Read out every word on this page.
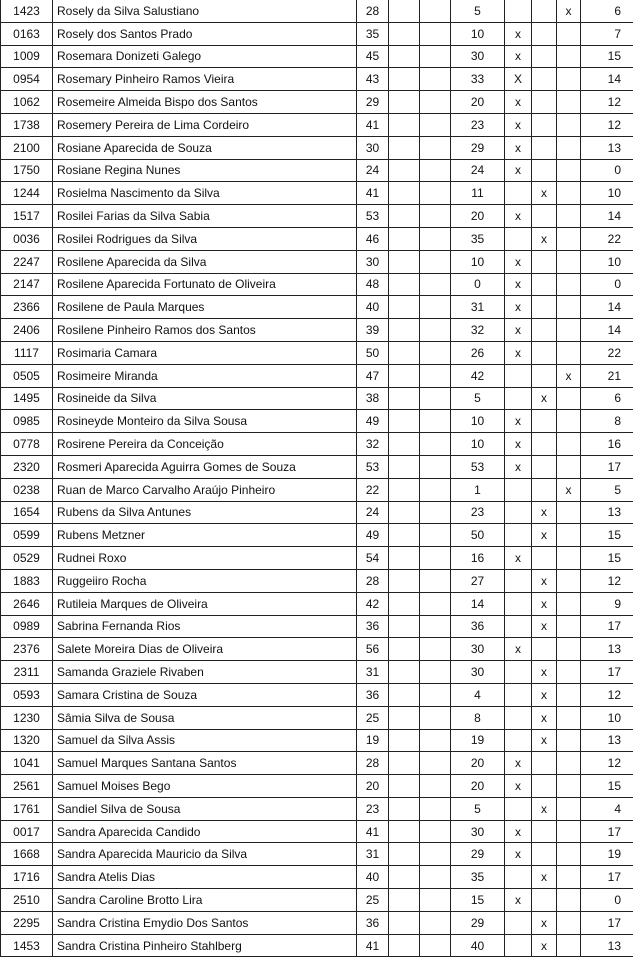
1423	Rosely da Silva Salustiano	28			5			x	6
0163	Rosely dos Santos Prado	35			10	x			7
1009	Rosemara Donizeti Galego	45			30	x			15
0954	Rosemary Pinheiro Ramos Vieira	43			33	X			14
1062	Rosemeire Almeida Bispo dos Santos	29			20	x			12
1738	Rosemery Pereira de Lima Cordeiro	41			23	x			12
2100	Rosiane Aparecida de Souza	30			29	x			13
1750	Rosiane Regina Nunes	24			24	x			0
1244	Rosielma Nascimento da Silva	41			11		x		10
1517	Rosilei Farias da Silva Sabia	53			20	x			14
0036	Rosilei Rodrigues da Silva	46			35		x		22
2247	Rosilene Aparecida da Silva	30			10	x			10
2147	Rosilene Aparecida Fortunato de Oliveira	48			0	x			0
2366	Rosilene de Paula Marques	40			31	x			14
2406	Rosilene Pinheiro Ramos dos Santos	39			32	x			14
1117	Rosimaria Camara	50			26	x			22
0505	Rosimeire Miranda	47			42			x	21
1495	Rosineide da Silva	38			5		x		6
0985	Rosineyde Monteiro da Silva Sousa	49			10	x			8
0778	Rosirene Pereira da Conceição	32			10	x			16
2320	Rosmeri Aparecida Aguirra Gomes de Souza	53			53	x			17
0238	Ruan de Marco Carvalho Araújo Pinheiro	22			1			x	5
1654	Rubens da Silva Antunes	24			23		x		13
0599	Rubens Metzner	49			50		x		15
0529	Rudnei Roxo	54			16	x			15
1883	Ruggeiiro Rocha	28			27		x		12
2646	Rutileia Marques de Oliveira	42			14		x		9
0989	Sabrina Fernanda Rios	36			36		x		17
2376	Salete Moreira Dias de Oliveira	56			30	x			13
2311	Samanda Graziele Rivaben	31			30		x		17
0593	Samara Cristina de Souza	36			4		x		12
1230	Sâmia Silva de Sousa	25			8		x		10
1320	Samuel da Silva Assis	19			19		x		13
1041	Samuel Marques Santana Santos	28			20	x			12
2561	Samuel Moises Bego	20			20	x			15
1761	Sandiel Silva de Sousa	23			5		x		4
0017	Sandra Aparecida Candido	41			30	x			17
1668	Sandra Aparecida Mauricio da Silva	31			29	x			19
1716	Sandra Atelis Dias	40			35		x		17
2510	Sandra Caroline Brotto Lira	25			15	x			0
2295	Sandra Cristina Emydio Dos Santos	36			29		x		17
1453	Sandra Cristina Pinheiro Stahlberg	41			40		x		13
